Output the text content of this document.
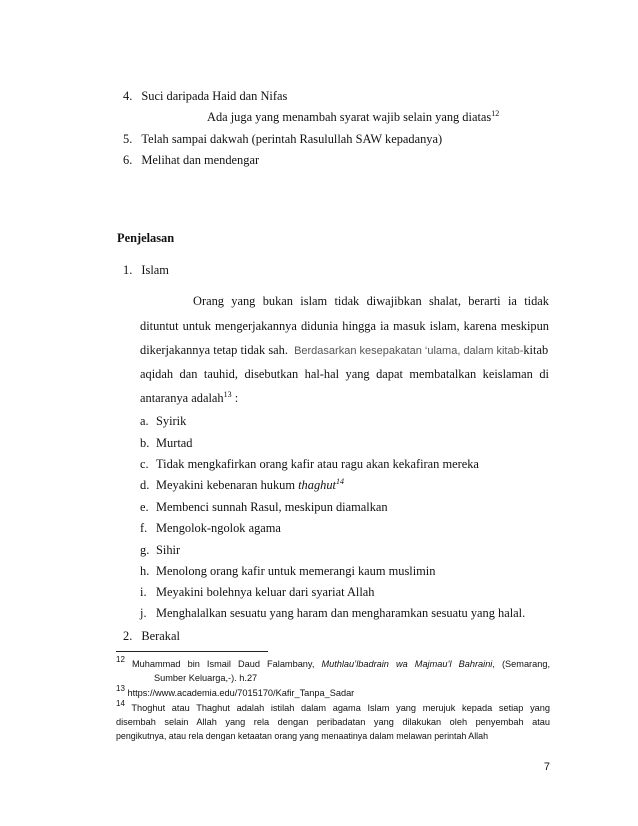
4. Suci daripada Haid dan Nifas
Ada juga yang menambah syarat wajib selain yang diatas$^{12}$
5. Telah sampai dakwah (perintah Rasulullah SAW kepadanya)
6. Melihat dan mendengar
Penjelasan
1. Islam
Orang yang bukan islam tidak diwajibkan shalat, berarti ia tidak
dituntut untuk mengerjakannya didunia hingga ia masuk islam, karena meskipun
dikerjakannya tetap tidak sah. Berdasarkan kesepakatan ‘ulama, dalam kitab-kitab
aqidah dan tauhid, disebutkan hal-hal yang dapat membatalkan keislaman di
antaranya adalah$^{13}$ :
a. Syirik
b. Murtad
c. Tidak mengkafirkan orang kafir atau ragu akan kekafiran mereka
d. Meyakini kebenaran hukum thaghut$^{14}$
e. Membenci sunnah Rasul, meskipun diamalkan
f. Mengolok-ngolok agama
g. Sihir
h. Menolong orang kafir untuk memerangi kaum muslimin
i. Meyakini bolehnya keluar dari syariat Allah
j. Menghalalkan sesuatu yang haram dan mengharamkan sesuatu yang halal.
2. Berakal
$^{12}$ Muhammad bin Ismail Daud Falambany, Muthlau’lbadrain wa Majmau’l Bahraini, (Semarang,
Sumber Keluarga,-). h.27
$^{13}$ https://www.academia.edu/7015170/Kafir_Tanpa_Sadar
$^{14}$ Thoghut atau Thaghut adalah istilah dalam agama Islam yang merujuk kepada setiap yang
disembah selain Allah yang rela dengan peribadatan yang dilakukan oleh penyembah atau
pengikutnya, atau rela dengan ketaatan orang yang menaatinya dalam melawan perintah Allah
7
